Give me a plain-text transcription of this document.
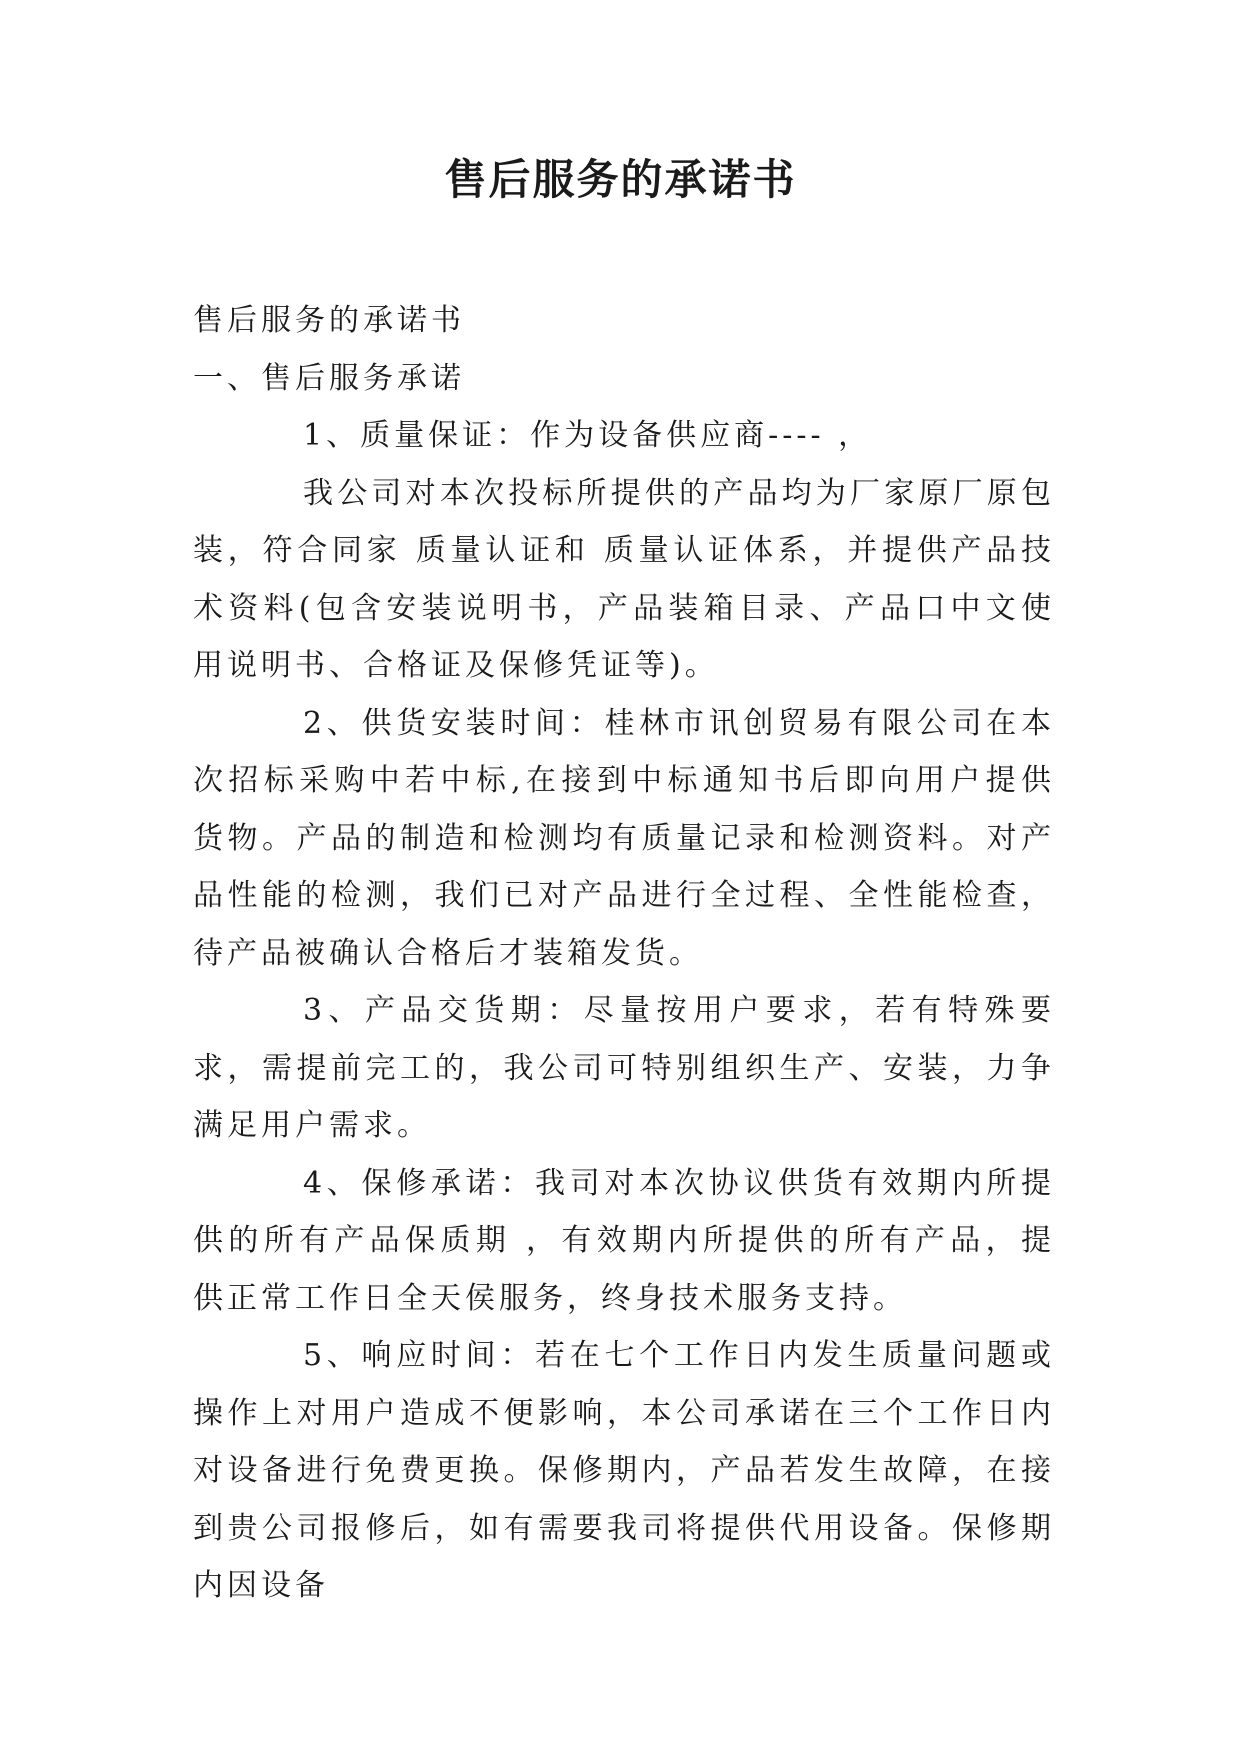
售后服务的承诺书

售后服务的承诺书

一、售后服务承诺

1、质量保证：作为设备供应商---- ，

我公司对本次投标所提供的产品均为厂家原厂原包装，符合同家 质量认证和 质量认证体系，并提供产品技术资料(包含安装说明书，产品装箱目录、产品口中文使用说明书、合格证及保修凭证等)。

2、供货安装时间：桂林市讯创贸易有限公司在本次招标采购中若中标,在接到中标通知书后即向用户提供货物。产品的制造和检测均有质量记录和检测资料。对产品性能的检测，我们已对产品进行全过程、全性能检查，待产品被确认合格后才装箱发货。

3、产品交货期：尽量按用户要求，若有特殊要求，需提前完工的，我公司可特别组织生产、安装，力争满足用户需求。

4、保修承诺：我司对本次协议供货有效期内所提供的所有产品保质期 ，有效期内所提供的所有产品，提供正常工作日全天侯服务，终身技术服务支持。

5、响应时间：若在七个工作日内发生质量问题或操作上对用户造成不便影响，本公司承诺在三个工作日内对设备进行免费更换。保修期内，产品若发生故障，在接到贵公司报修后，如有需要我司将提供代用设备。保修期内因设备
